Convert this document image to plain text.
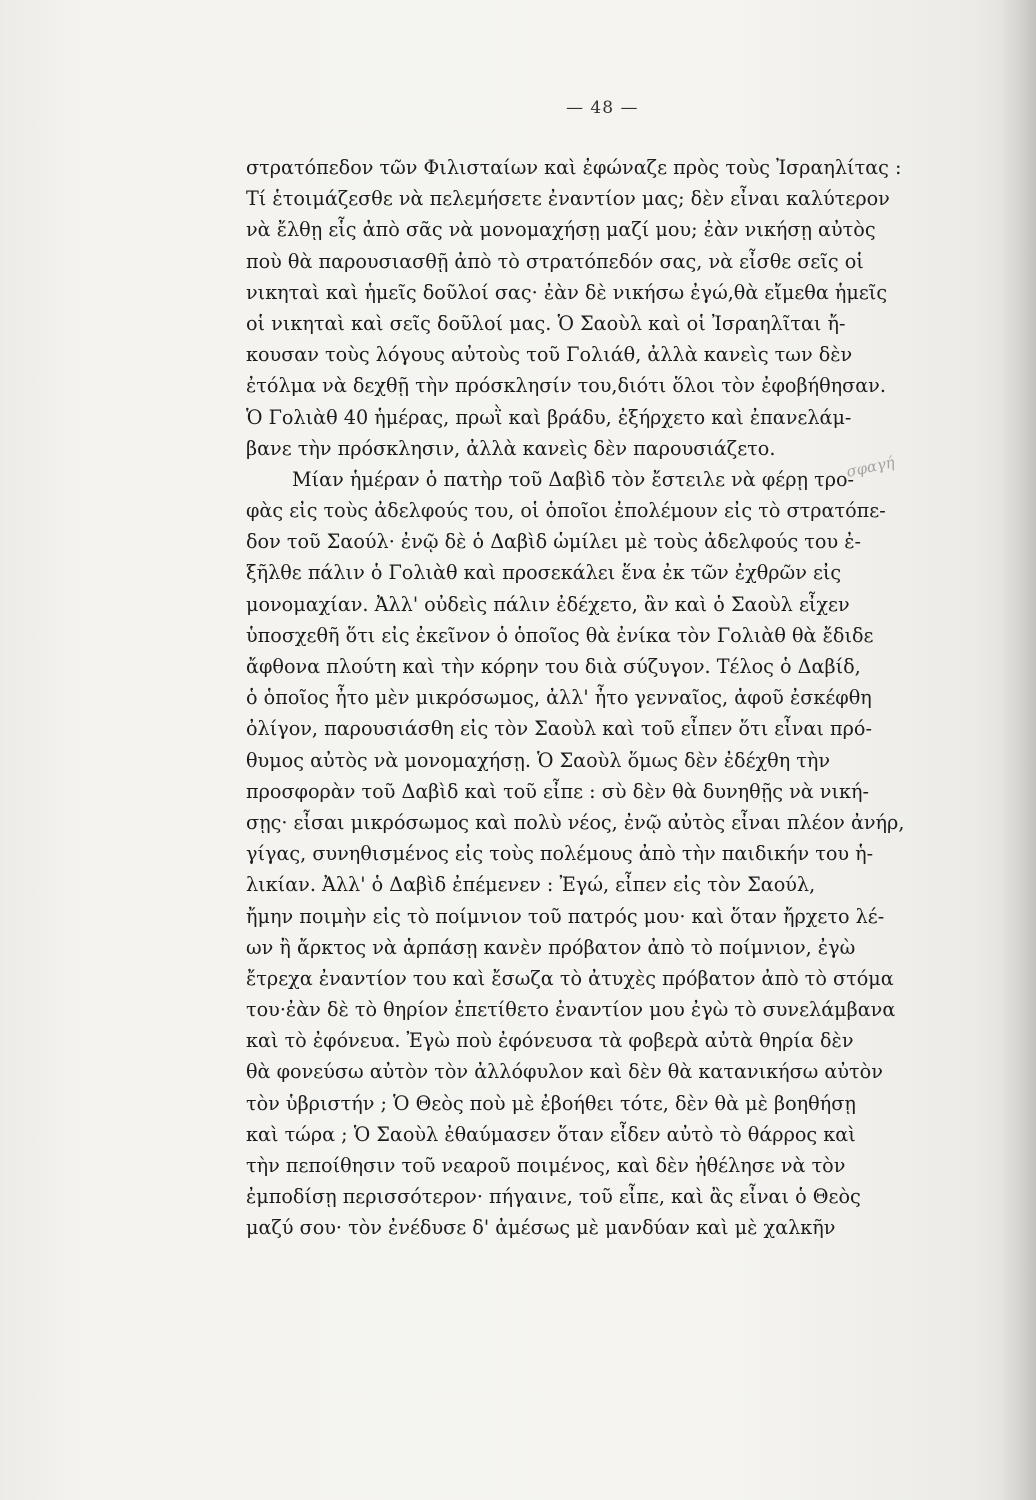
— 48 —
σφαγή
στρατόπεδον τῶν Φιλισταίων καὶ ἐφώναζε πρὸς τοὺς Ἰσραηλίτας :
Τί ἑτοιμάζεσθε νὰ πελεμήσετε ἐναντίον μας; δὲν εἶναι καλύτερον
νὰ ἔλθῃ εἷς ἀπὸ σᾶς νὰ μονομαχήσῃ μαζί μου; ἐὰν νικήσῃ αὐτὸς
ποὺ θὰ παρουσιασθῇ ἀπὸ τὸ στρατόπεδόν σας, νὰ εἶσθε σεῖς οἱ
νικηταὶ καὶ ἡμεῖς δοῦλοί σας· ἐὰν δὲ νικήσω ἐγώ,θὰ εἴμεθα ἡμεῖς
οἱ νικηταὶ καὶ σεῖς δοῦλοί μας. Ὁ Σαοὺλ καὶ οἱ Ἰσραηλῖται ἤ-
κουσαν τοὺς λόγους αὐτοὺς τοῦ Γολιάθ, ἀλλὰ κανεὶς των δὲν
ἐτόλμα νὰ δεχθῇ τὴν πρόσκλησίν του,διότι ὅλοι τὸν ἐφοβήθησαν.
Ὁ Γολιὰθ 40 ἡμέρας, πρωῒ καὶ βράδυ, ἐξήρχετο καὶ ἐπανελάμ-
βανε τὴν πρόσκλησιν, ἀλλὰ κανεὶς δὲν παρουσιάζετο.
Μίαν ἡμέραν ὁ πατὴρ τοῦ Δαβὶδ τὸν ἔστειλε νὰ φέρῃ τρο-
φὰς εἰς τοὺς ἀδελφούς του, οἱ ὁποῖοι ἐπολέμουν εἰς τὸ στρατόπε-
δον τοῦ Σαούλ· ἐνῷ δὲ ὁ Δαβὶδ ὡμίλει μὲ τοὺς ἀδελφούς του ἐ-
ξῆλθε πάλιν ὁ Γολιὰθ καὶ προσεκάλει ἕνα ἐκ τῶν ἐχθρῶν εἰς
μονομαχίαν. Ἀλλ' οὐδεὶς πάλιν ἐδέχετο, ἂν καὶ ὁ Σαοὺλ εἶχεν
ὑποσχεθῆ ὅτι εἰς ἐκεῖνον ὁ ὁποῖος θὰ ἐνίκα τὸν Γολιὰθ θὰ ἔδιδε
ἄφθονα πλούτη καὶ τὴν κόρην του διὰ σύζυγον. Τέλος ὁ Δαβίδ,
ὁ ὁποῖος ἦτο μὲν μικρόσωμος, ἀλλ' ἦτο γενναῖος, ἀφοῦ ἐσκέφθη
ὀλίγον, παρουσιάσθη εἰς τὸν Σαοὺλ καὶ τοῦ εἶπεν ὅτι εἶναι πρό-
θυμος αὐτὸς νὰ μονομαχήσῃ. Ὁ Σαοὺλ ὅμως δὲν ἐδέχθη τὴν
προσφορὰν τοῦ Δαβὶδ καὶ τοῦ εἶπε : σὺ δὲν θὰ δυνηθῇς νὰ νική-
σῃς· εἶσαι μικρόσωμος καὶ πολὺ νέος, ἐνῷ αὐτὸς εἶναι πλέον ἀνήρ,
γίγας, συνηθισμένος εἰς τοὺς πολέμους ἀπὸ τὴν παιδικήν του ἡ-
λικίαν. Ἀλλ' ὁ Δαβὶδ ἐπέμενεν : Ἐγώ, εἶπεν εἰς τὸν Σαούλ,
ἤμην ποιμὴν εἰς τὸ ποίμνιον τοῦ πατρός μου· καὶ ὅταν ἤρχετο λέ-
ων ἢ ἄρκτος νὰ ἁρπάσῃ κανὲν πρόβατον ἀπὸ τὸ ποίμνιον, ἐγὼ
ἔτρεχα ἐναντίον του καὶ ἔσωζα τὸ ἀτυχὲς πρόβατον ἀπὸ τὸ στόμα
του·ἐὰν δὲ τὸ θηρίον ἐπετίθετο ἐναντίον μου ἐγὼ τὸ συνελάμβανα
καὶ τὸ ἐφόνευα. Ἐγὼ ποὺ ἐφόνευσα τὰ φοβερὰ αὐτὰ θηρία δὲν
θὰ φονεύσω αὐτὸν τὸν ἀλλόφυλον καὶ δὲν θὰ κατανικήσω αὐτὸν
τὸν ὑβριστήν ; Ὁ Θεὸς ποὺ μὲ ἐβοήθει τότε, δὲν θὰ μὲ βοηθήσῃ
καὶ τώρα ; Ὁ Σαοὺλ ἐθαύμασεν ὅταν εἶδεν αὐτὸ τὸ θάρρος καὶ
τὴν πεποίθησιν τοῦ νεαροῦ ποιμένος, καὶ δὲν ἠθέλησε νὰ τὸν
ἐμποδίσῃ περισσότερον· πήγαινε, τοῦ εἶπε, καὶ ἂς εἶναι ὁ Θεὸς
μαζύ σου· τὸν ἐνέδυσε δ' ἀμέσως μὲ μανδύαν καὶ μὲ χαλκῆν
